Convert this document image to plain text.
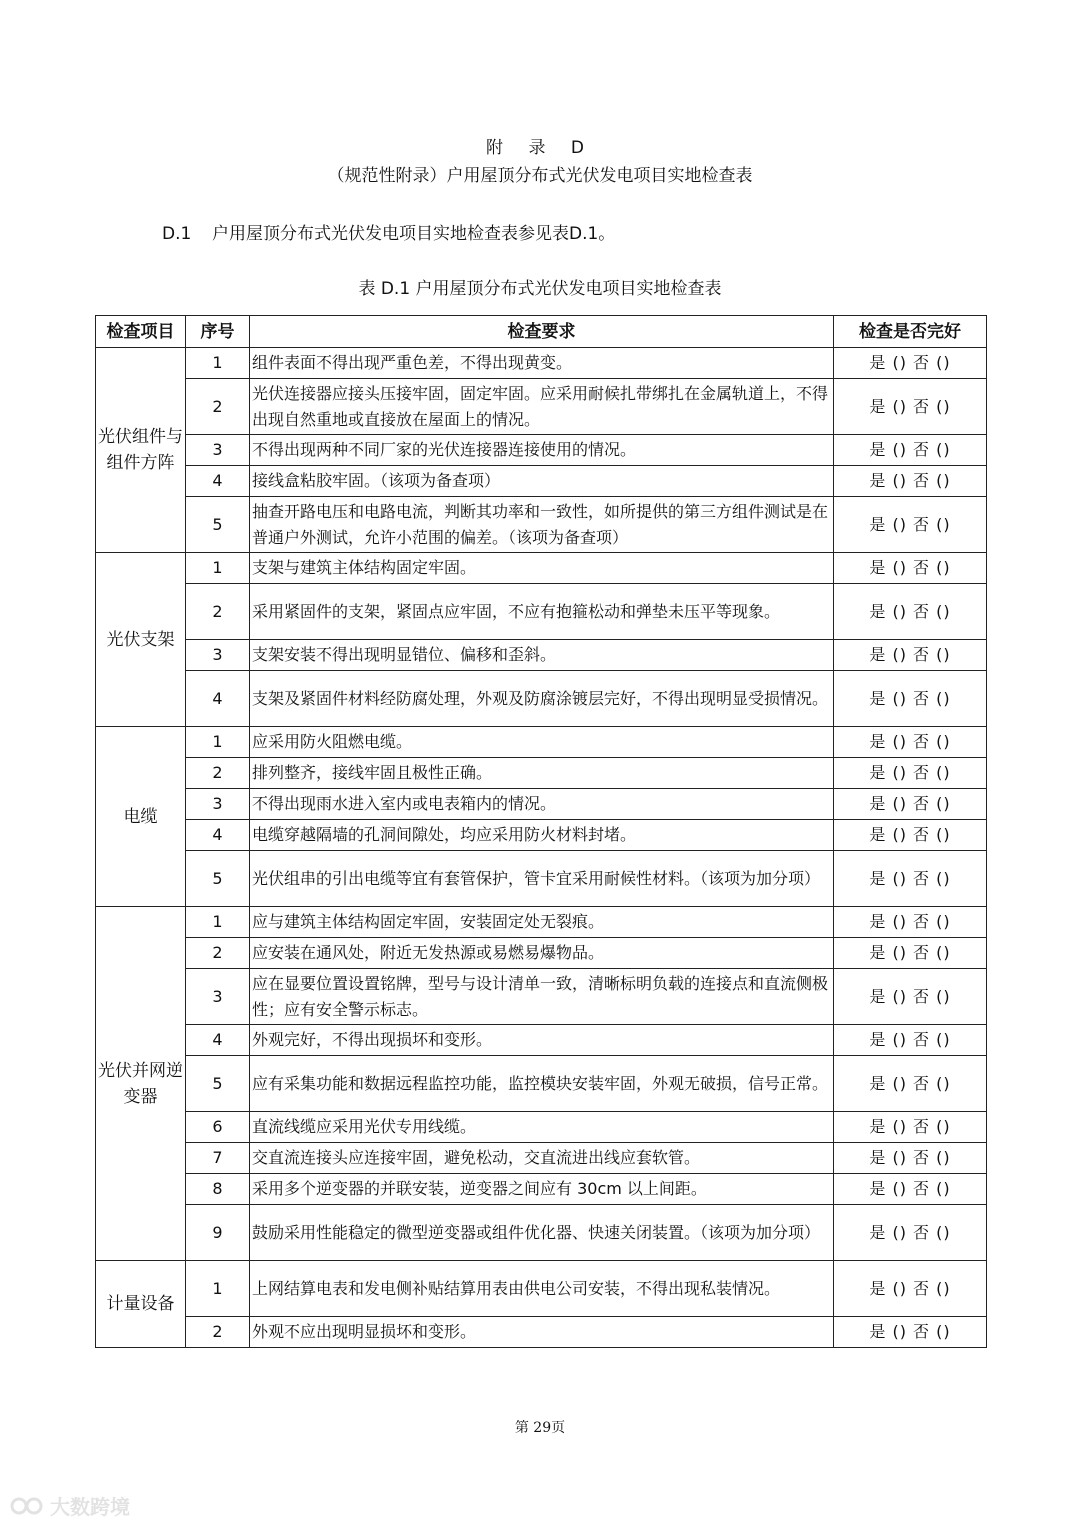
附 录 D
（规范性附录）户用屋顶分布式光伏发电项目实地检查表
D.1 户用屋顶分布式光伏发电项目实地检查表参见表D.1。
表 D.1 户用屋顶分布式光伏发电项目实地检查表
检查项目	序号	检查要求	检查是否完好
光伏组件与组件方阵	1	组件表面不得出现严重色差，不得出现黄变。	是 () 否 ()
	2	光伏连接器应接头压接牢固，固定牢固。应采用耐候扎带绑扎在金属轨道上，不得出现自然重地或直接放在屋面上的情况。	是 () 否 ()
	3	不得出现两种不同厂家的光伏连接器连接使用的情况。	是 () 否 ()
	4	接线盒粘胶牢固。（该项为备查项）	是 () 否 ()
	5	抽查开路电压和电路电流，判断其功率和一致性，如所提供的第三方组件测试是在普通户外测试，允许小范围的偏差。（该项为备查项）	是 () 否 ()
光伏支架	1	支架与建筑主体结构固定牢固。	是 () 否 ()
	2	采用紧固件的支架，紧固点应牢固，不应有抱箍松动和弹垫未压平等现象。	是 () 否 ()
	3	支架安装不得出现明显错位、偏移和歪斜。	是 () 否 ()
	4	支架及紧固件材料经防腐处理，外观及防腐涂镀层完好，不得出现明显受损情况。	是 () 否 ()
电缆	1	应采用防火阻燃电缆。	是 () 否 ()
	2	排列整齐，接线牢固且极性正确。	是 () 否 ()
	3	不得出现雨水进入室内或电表箱内的情况。	是 () 否 ()
	4	电缆穿越隔墙的孔洞间隙处，均应采用防火材料封堵。	是 () 否 ()
	5	光伏组串的引出电缆等宜有套管保护，管卡宜采用耐候性材料。（该项为加分项）	是 () 否 ()
光伏并网逆变器	1	应与建筑主体结构固定牢固，安装固定处无裂痕。	是 () 否 ()
	2	应安装在通风处，附近无发热源或易燃易爆物品。	是 () 否 ()
	3	应在显要位置设置铭牌，型号与设计清单一致，清晰标明负载的连接点和直流侧极性；应有安全警示标志。	是 () 否 ()
	4	外观完好，不得出现损坏和变形。	是 () 否 ()
	5	应有采集功能和数据远程监控功能，监控模块安装牢固，外观无破损，信号正常。	是 () 否 ()
	6	直流线缆应采用光伏专用线缆。	是 () 否 ()
	7	交直流连接头应连接牢固，避免松动，交直流进出线应套软管。	是 () 否 ()
	8	采用多个逆变器的并联安装，逆变器之间应有 30cm 以上间距。	是 () 否 ()
	9	鼓励采用性能稳定的微型逆变器或组件优化器、快速关闭装置。（该项为加分项）	是 () 否 ()
计量设备	1	上网结算电表和发电侧补贴结算用表由供电公司安装，不得出现私装情况。	是 () 否 ()
	2	外观不应出现明显损坏和变形。	是 () 否 ()
第 29页
大数跨境
